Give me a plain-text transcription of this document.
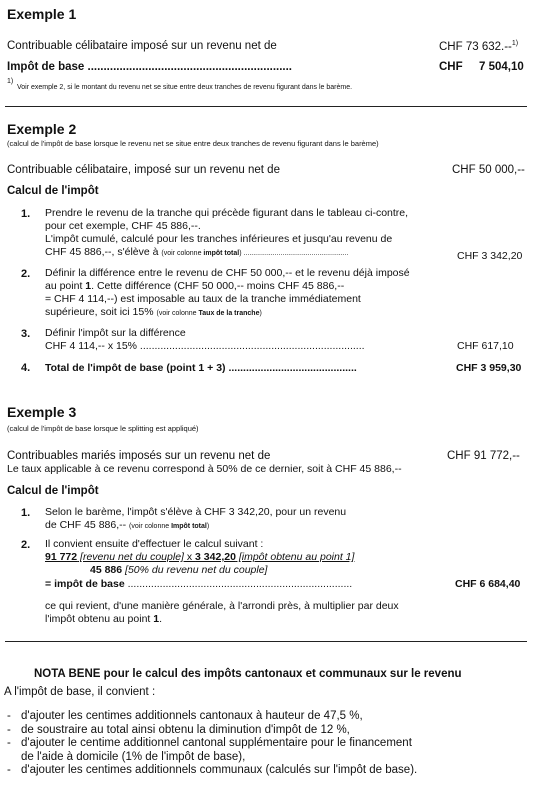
Exemple 1
Contribuable célibataire imposé sur un revenu net de	CHF 73 632.--$^{1)}$
Impôt de base ................................................................	CHF 7 504,10
1)
Voir exemple 2, si le montant du revenu net se situe entre deux tranches de revenu figurant dans le barème.
Exemple 2
(calcul de l'impôt de base lorsque le revenu net se situe entre deux tranches de revenu figurant dans le barème)
Contribuable célibataire, imposé sur un revenu net de	CHF 50 000,--
Calcul de l'impôt
1. Prendre le revenu de la tranche qui précède figurant dans le tableau ci-contre,
pour cet exemple, CHF 45 886,--.
L'impôt cumulé, calculé pour les tranches inférieures et jusqu'au revenu de
CHF 45 886,--, s'élève à (voir colonne impôt total) ......................................................	CHF 3 342,20
2. Définir la différence entre le revenu de CHF 50 000,-- et le revenu déjà imposé
au point 1. Cette différence (CHF 50 000,-- moins CHF 45 886,--
= CHF 4 114,--) est imposable au taux de la tranche immédiatement
supérieure, soit ici 15% (voir colonne Taux de la tranche)
3. Définir l'impôt sur la différence
CHF 4 114,-- x 15% .............................................................................	CHF 617,10
4. Total de l'impôt de base (point 1 + 3) ............................................	CHF 3 959,30
Exemple 3
(calcul de l'impôt de base lorsque le splitting est appliqué)
Contribuables mariés imposés sur un revenu net de	CHF 91 772,--
Le taux applicable à ce revenu correspond à 50% de ce dernier, soit à CHF 45 886,--
Calcul de l'impôt
1. Selon le barème, l'impôt s'élève à CHF 3 342,20, pour un revenu
de CHF 45 886,-- (voir colonne Impôt total)
2. Il convient ensuite d'effectuer le calcul suivant :
91 772 [revenu net du couple] x 3 342,20 [impôt obtenu au point 1]
45 886 [50% du revenu net du couple]
= impôt de base .............................................................................	CHF 6 684,40
ce qui revient, d'une manière générale, à l'arrondi près, à multiplier par deux
l'impôt obtenu au point 1.
NOTA BENE pour le calcul des impôts cantonaux et communaux sur le revenu
A l'impôt de base, il convient :
- d'ajouter les centimes additionnels cantonaux à hauteur de 47,5 %,
- de soustraire au total ainsi obtenu la diminution d'impôt de 12 %,
- d'ajouter le centime additionnel cantonal supplémentaire pour le financement
de l'aide à domicile (1% de l'impôt de base),
- d'ajouter les centimes additionnels communaux (calculés sur l'impôt de base).
